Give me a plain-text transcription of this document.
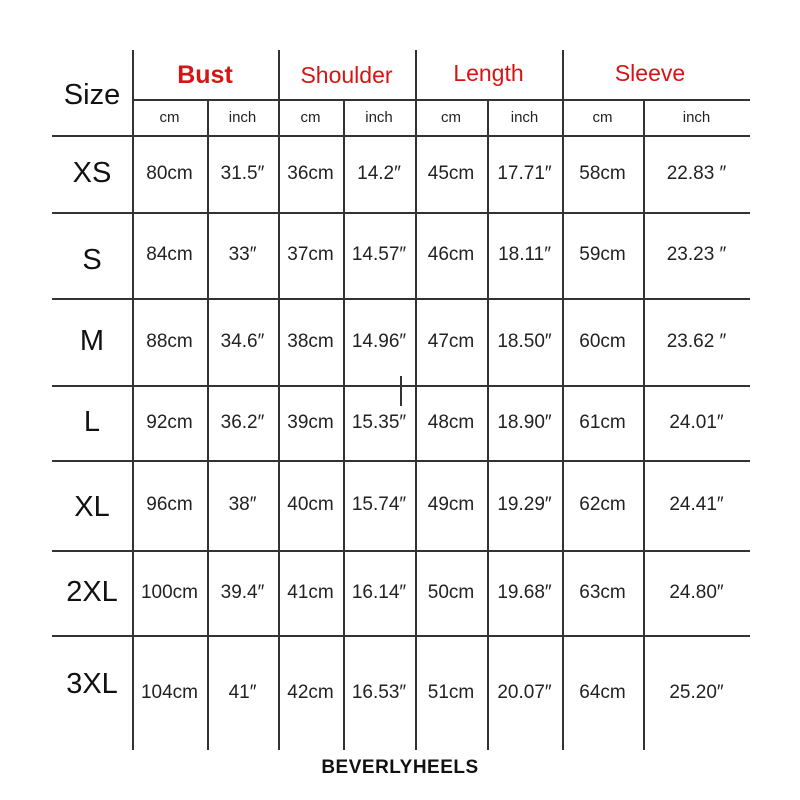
Size
Bust	Shoulder	Length	Sleeve
cm	inch	cm	inch	cm	inch	cm	inch
XS	80cm	31.5″	36cm	14.2″	45cm	17.71″	58cm	22.83 ″
S	84cm	33″	37cm 14.57″	46cm	18.11″	59cm	23.23 ″
M	88cm	34.6″	38cm 14.96″	47cm	18.50″	60cm	23.62 ″
L	92cm	36.2″	39cm 15.35″	48cm	18.90″	61cm	24.01″
XL	96cm	38″	40cm 15.74″	49cm	19.29″	62cm	24.41″
2XL	100cm	39.4″	41cm 16.14″	50cm	19.68″	63cm	24.80″
3XL	104cm	41″	42cm 16.53″	51cm	20.07″	64cm	25.20″
BEVERLYHEELS
